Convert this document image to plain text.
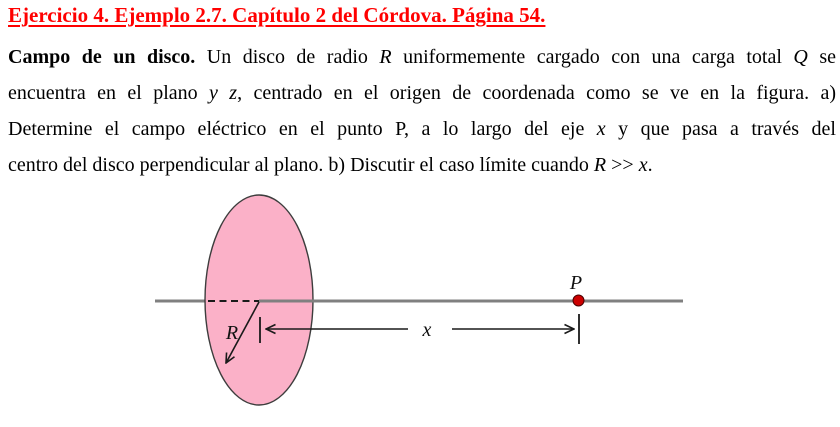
Ejercicio 4. Ejemplo 2.7. Capítulo 2 del Córdova. Página 54.
Campo de un disco. Un disco de radio R uniformemente cargado con una carga total Q se
encuentra en el plano y z, centrado en el origen de coordenada como se ve en la figura. a)
Determine el campo eléctrico en el punto P, a lo largo del eje x y que pasa a través del
centro del disco perpendicular al plano. b) Discutir el caso límite cuando R >> x.
R	x
P
